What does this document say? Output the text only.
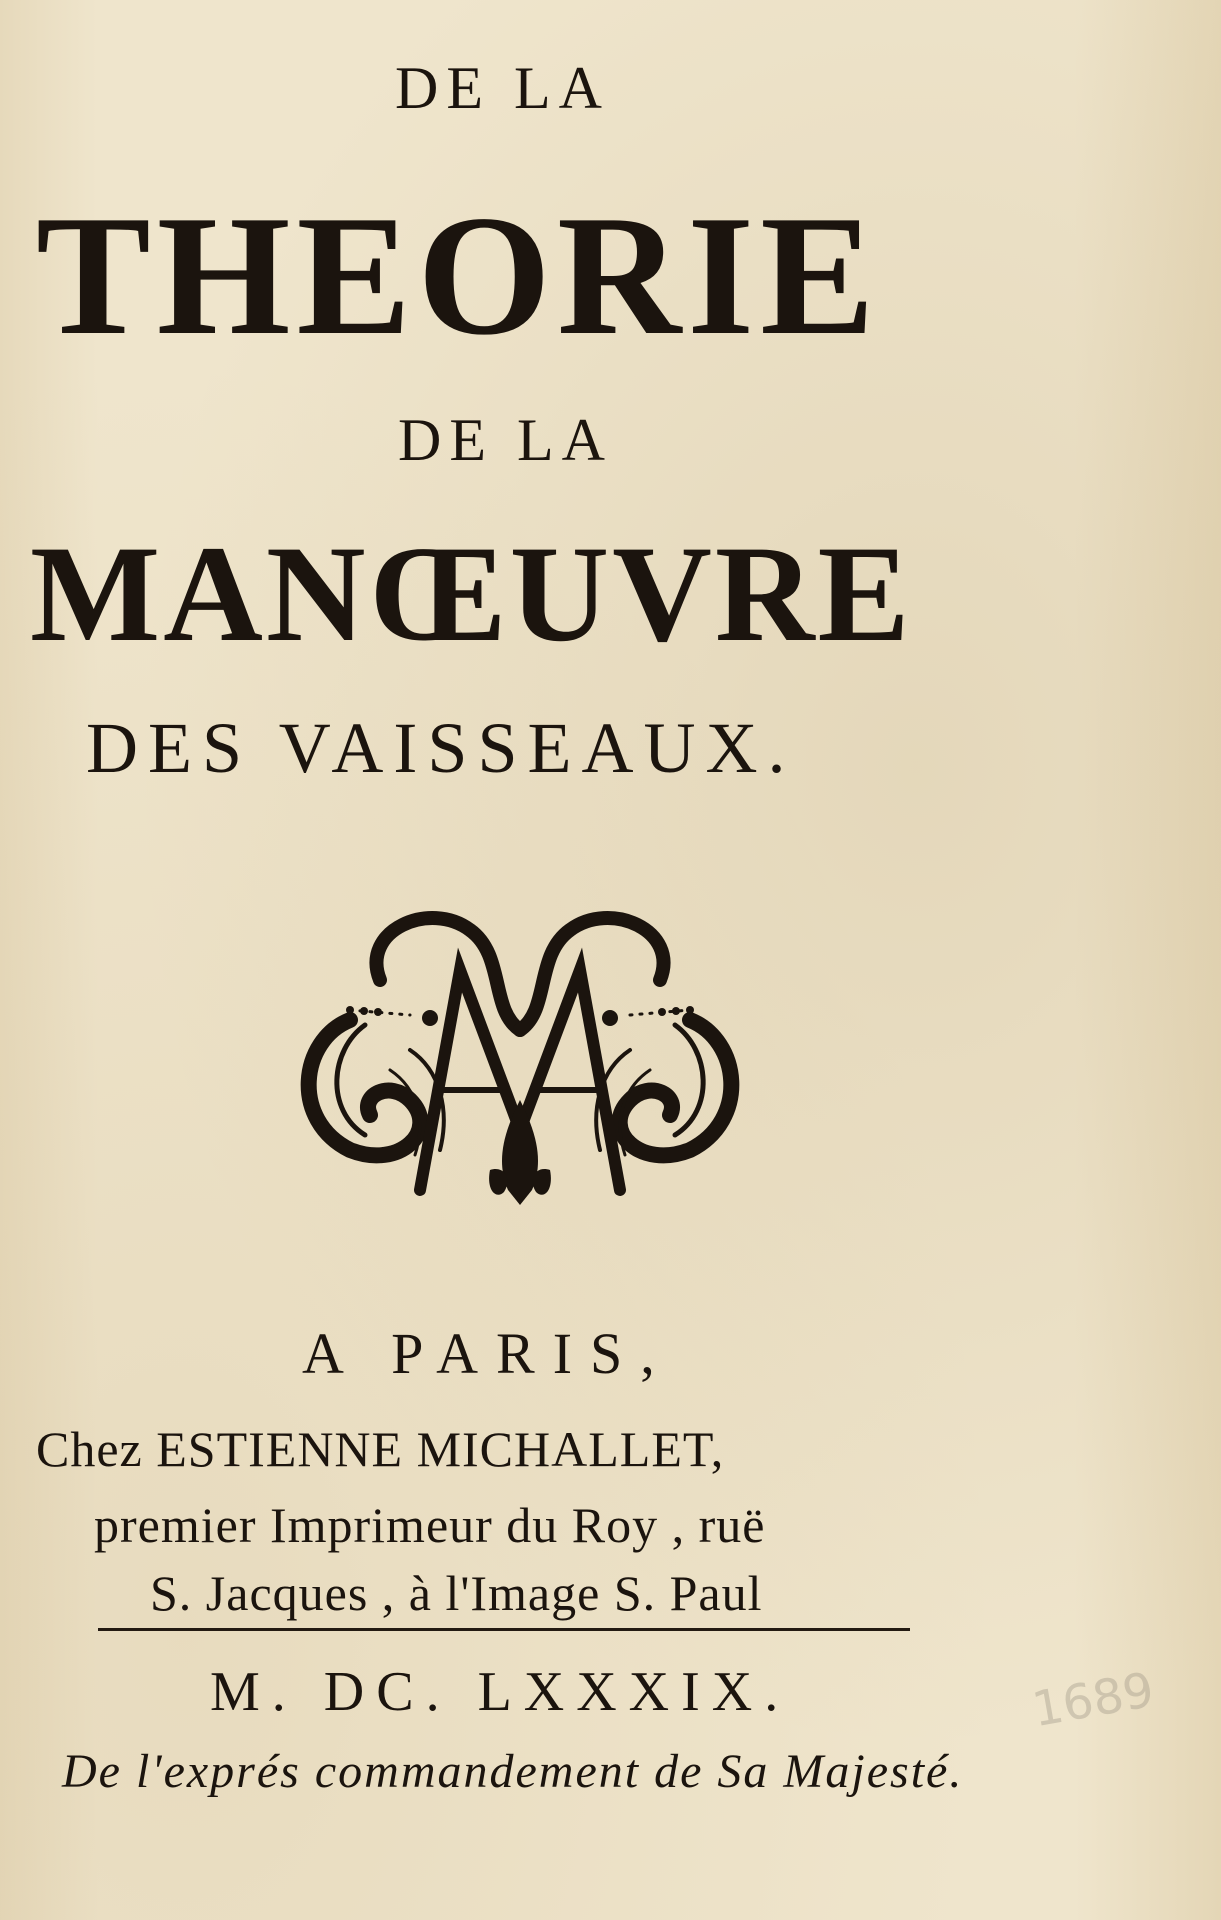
DE LA
THEORIE
DE LA
MANŒUVRE
DES VAISSEAUX.
A PARIS,
Chez ESTIENNE MICHALLET,
premier Imprimeur du Roy , ruë
S. Jacques , à l'Image S. Paul
M. DC. LXXXIX.
De l'exprés commandement de Sa Majesté.
1689
